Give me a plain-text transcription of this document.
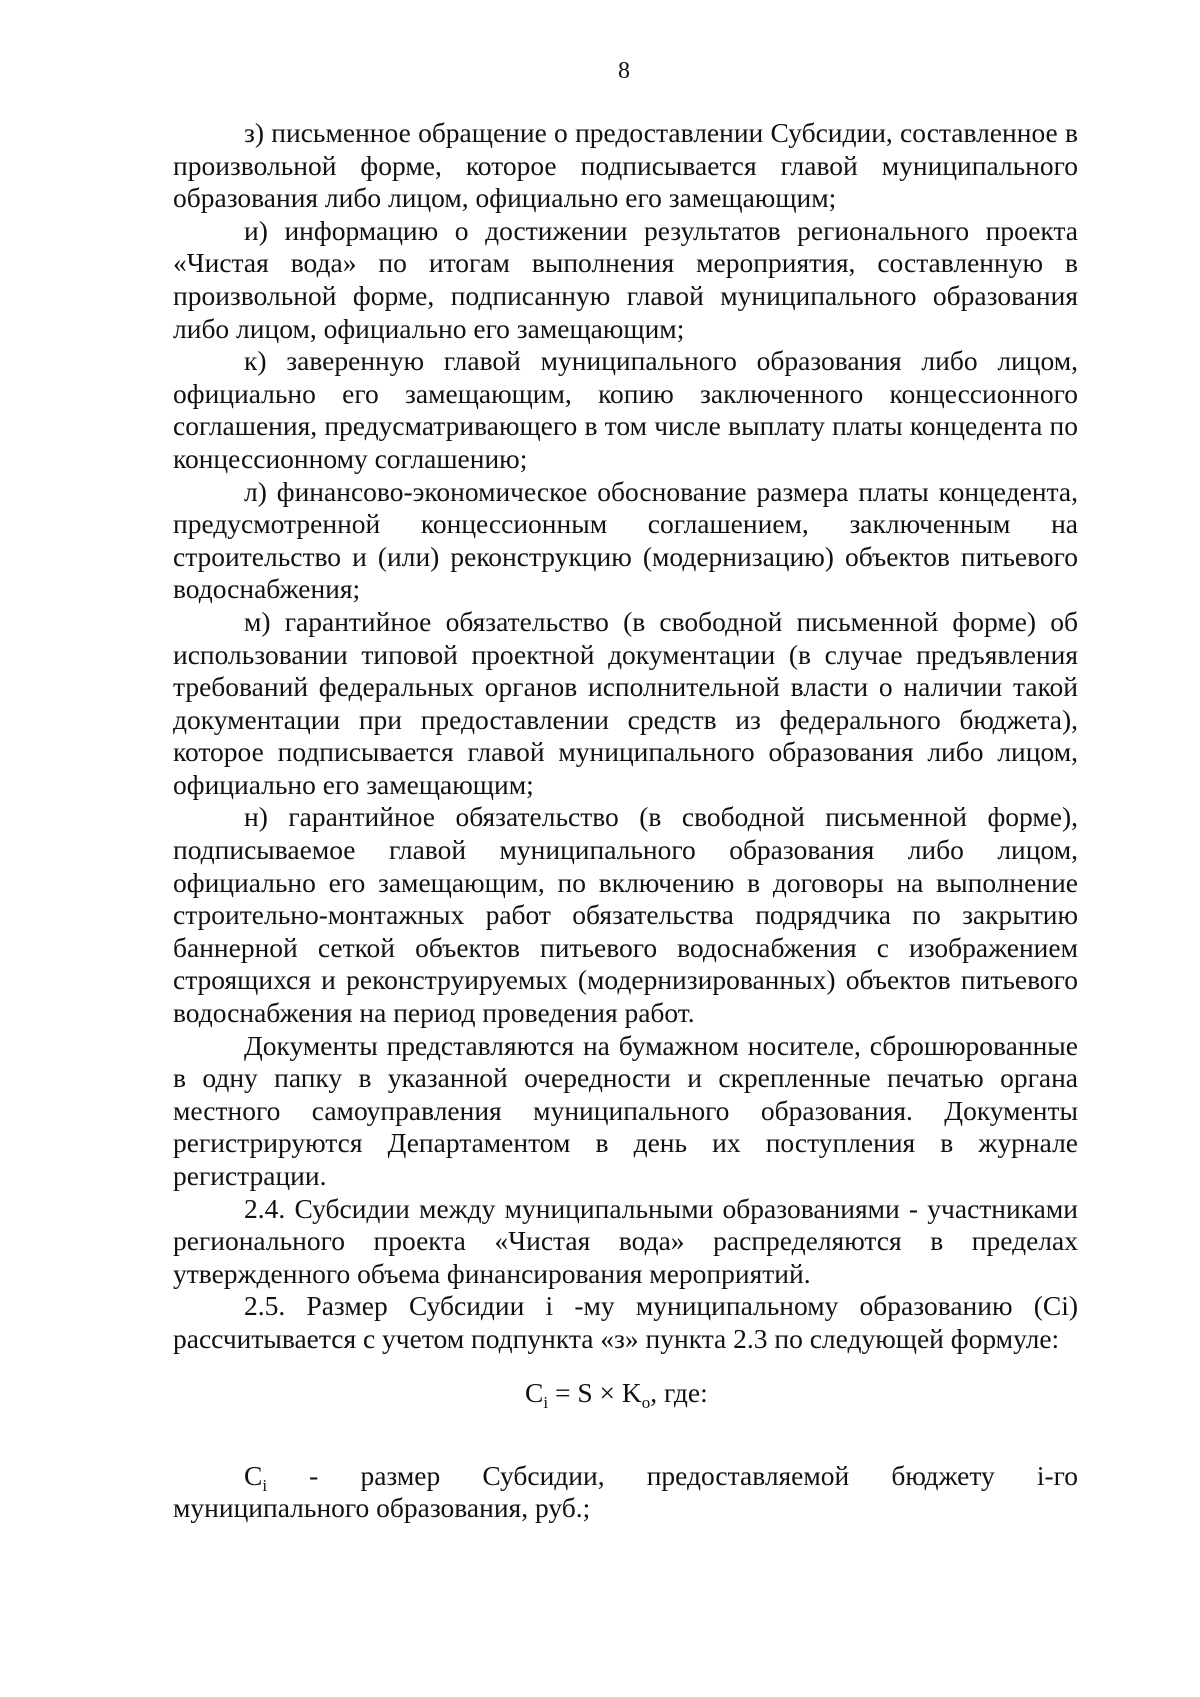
8

з) письменное обращение о предоставлении Субсидии, составленное в произвольной форме, которое подписывается главой муниципального образования либо лицом, официально его замещающим;

и) информацию о достижении результатов регионального проекта «Чистая вода» по итогам выполнения мероприятия, составленную в произвольной форме, подписанную главой муниципального образования либо лицом, официально его замещающим;

к) заверенную главой муниципального образования либо лицом, официально его замещающим, копию заключенного концессионного соглашения, предусматривающего в том числе выплату платы концедента по концессионному соглашению;

л) финансово-экономическое обоснование размера платы концедента, предусмотренной концессионным соглашением, заключенным на строительство и (или) реконструкцию (модернизацию) объектов питьевого водоснабжения;

м) гарантийное обязательство (в свободной письменной форме) об использовании типовой проектной документации (в случае предъявления требований федеральных органов исполнительной власти о наличии такой документации при предоставлении средств из федерального бюджета), которое подписывается главой муниципального образования либо лицом, официально его замещающим;

н) гарантийное обязательство (в свободной письменной форме), подписываемое главой муниципального образования либо лицом, официально его замещающим, по включению в договоры на выполнение строительно-монтажных работ обязательства подрядчика по закрытию баннерной сеткой объектов питьевого водоснабжения с изображением строящихся и реконструируемых (модернизированных) объектов питьевого водоснабжения на период проведения работ.

Документы представляются на бумажном носителе, сброшюрованные в одну папку в указанной очередности и скрепленные печатью органа местного самоуправления муниципального образования. Документы регистрируются Департаментом в день их поступления в журнале регистрации.

2.4. Субсидии между муниципальными образованиями - участниками регионального проекта «Чистая вода» распределяются в пределах утвержденного объема финансирования мероприятий.

2.5. Размер Субсидии i -му муниципальному образованию (Ci) рассчитывается с учетом подпункта «з» пункта 2.3 по следующей формуле:

$C_i = S \times K_o$, где:
$C_i$ - размер Субсидии, предоставляемой бюджету i-го
муниципального образования, руб.;
